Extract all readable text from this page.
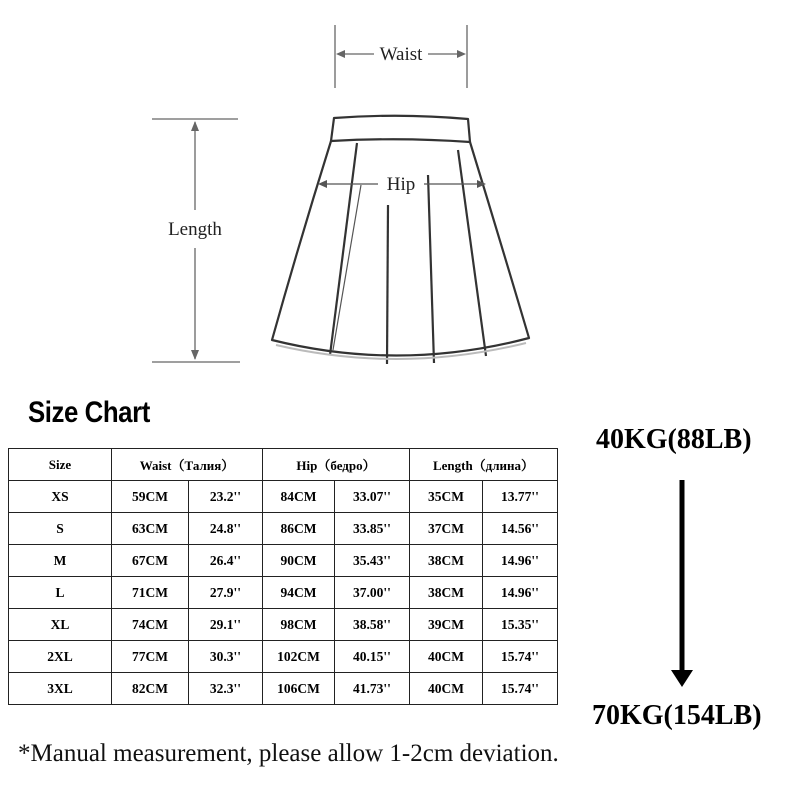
Waist
Length
Hip
Size Chart
Size	Waist（Талия）		Hip（бедро）		Length（длина）	
XS	59CM	23.2''	84CM	33.07''	35CM	13.77''
S	63CM	24.8''	86CM	33.85''	37CM	14.56''
M	67CM	26.4''	90CM	35.43''	38CM	14.96''
L	71CM	27.9''	94CM	37.00''	38CM	14.96''
XL	74CM	29.1''	98CM	38.58''	39CM	15.35''
2XL	77CM	30.3''	102CM	40.15''	40CM	15.74''
3XL	82CM	32.3''	106CM	41.73''	40CM	15.74''
40KG(88LB)
70KG(154LB)
*Manual measurement, please allow 1-2cm deviation.
